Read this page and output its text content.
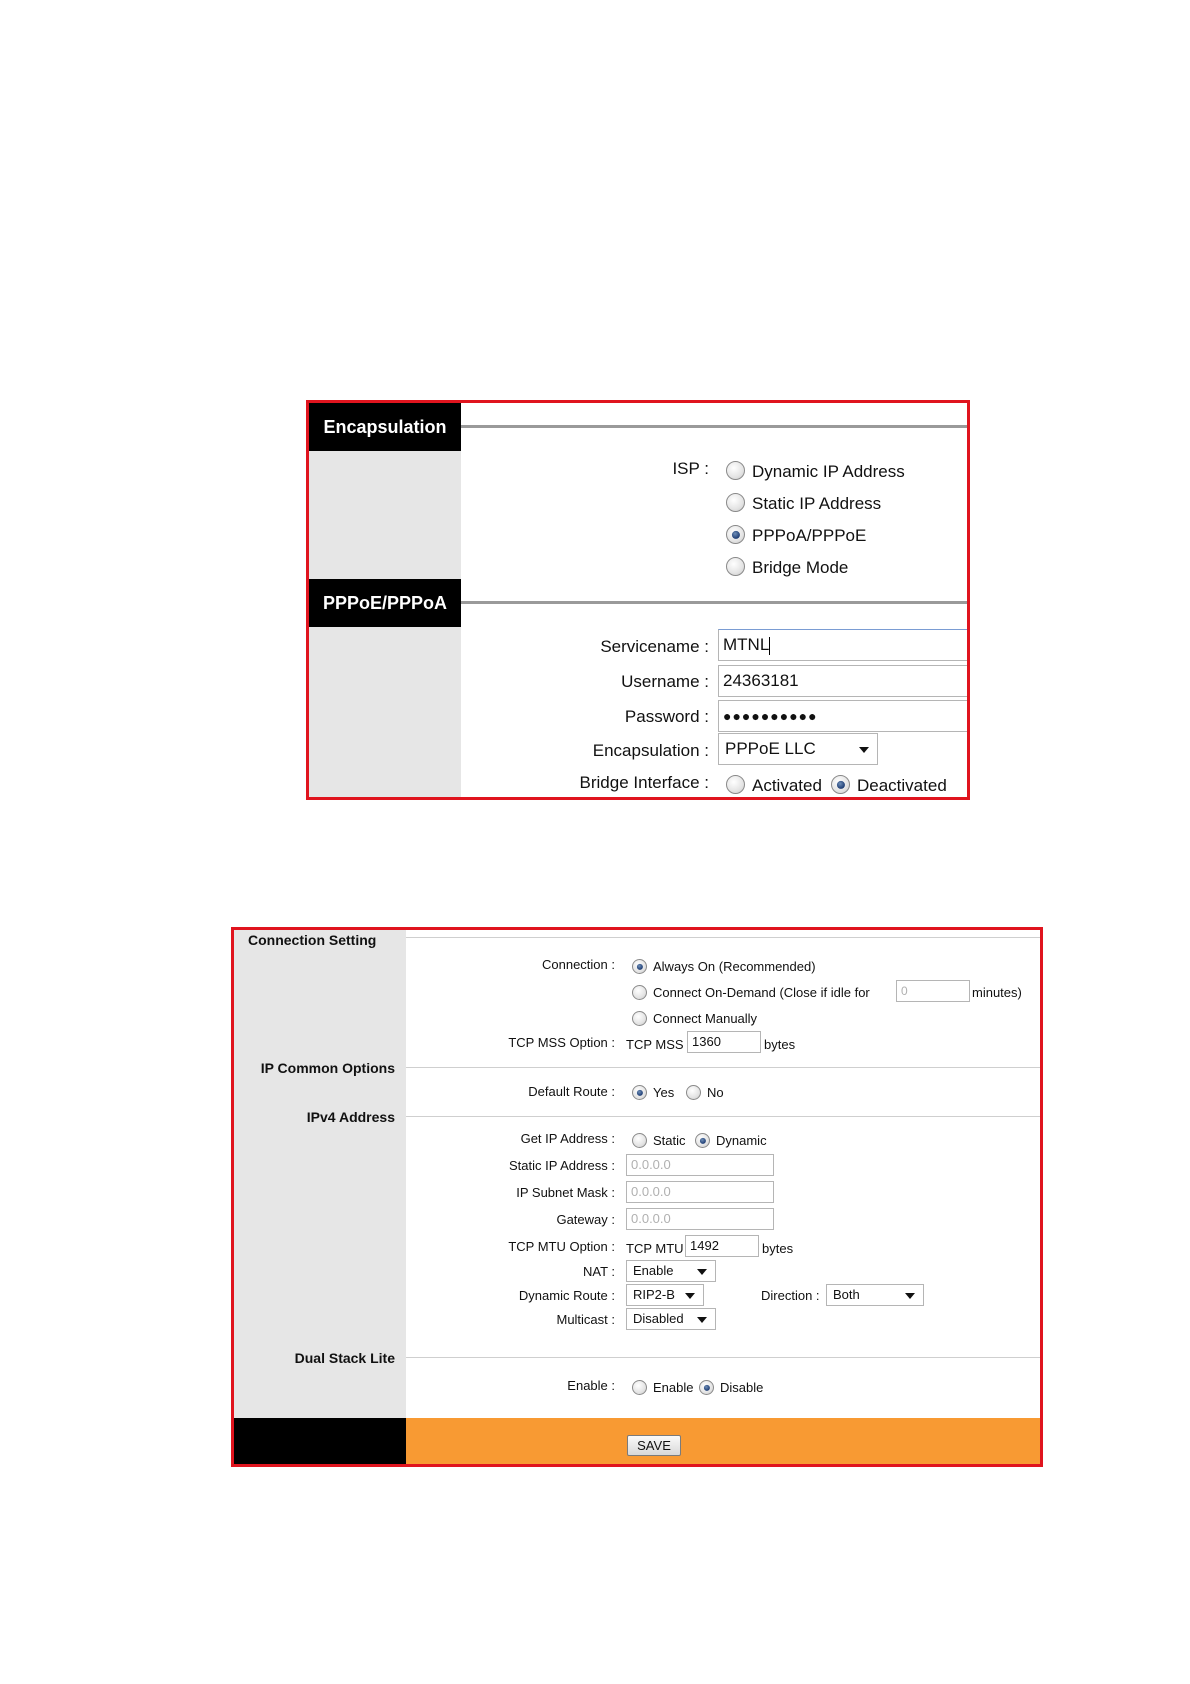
Encapsulation
PPPoE/PPPoA
ISP :	Dynamic IP Address
Static IP Address
PPPoA/PPPoE
Bridge Mode
Servicename : MTNL
Username : 24363181
Password :	●●●●●●●●●●
Encapsulation : PPPoE LLC
Bridge Interface :	Activated Deactivated
Connection Setting
IP Common Options
IPv4 Address
Dual Stack Lite
Connection :	Always On (Recommended)
Connect On-Demand (Close if idle for	0	minutes)
Connect Manually
TCP MSS Option : TCP MSS 1360	bytes
Default Route :	Yes	No
Get IP Address :	Static Dynamic
Static IP Address :	0.0.0.0
IP Subnet Mask :	0.0.0.0
Gateway :	0.0.0.0
TCP MTU Option : TCP MTU 1492	bytes
NAT : Enable
Dynamic Route : RIP2-B	Direction : Both
Multicast : Disabled
Enable :	Enable Disable
SAVE
